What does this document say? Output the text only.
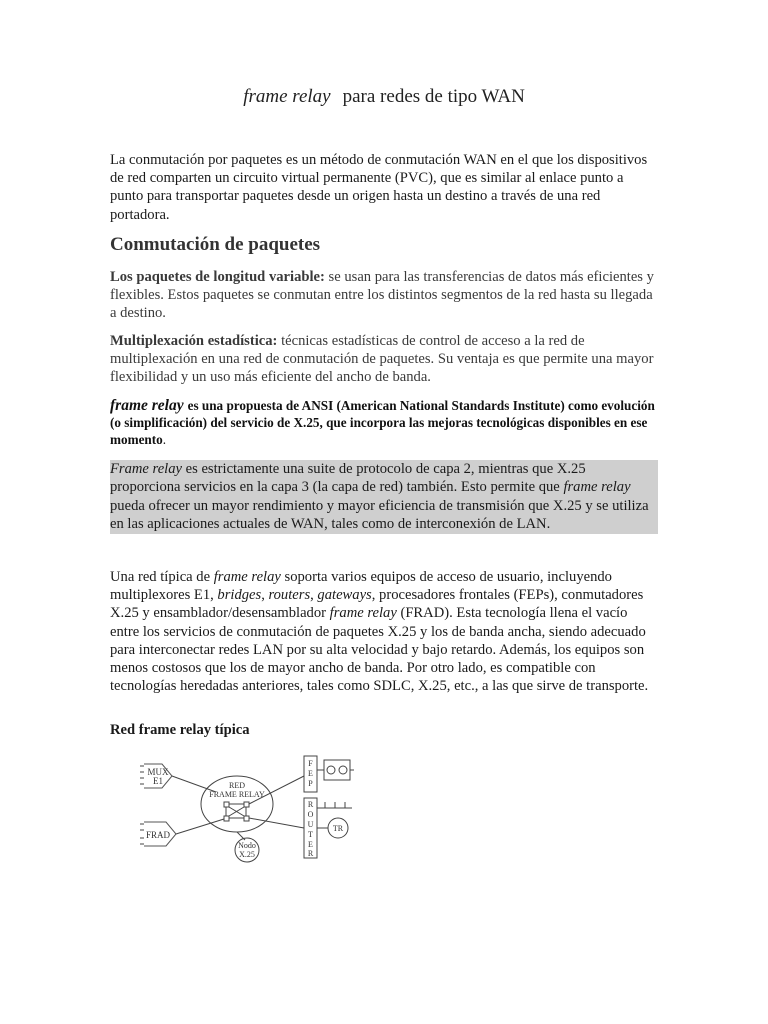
frame relay para redes de tipo WAN

La conmutación por paquetes es un método de conmutación WAN en el que los dispositivos de red comparten un circuito virtual permanente (PVC), que es similar al enlace punto a punto para transportar paquetes desde un origen hasta un destino a través de una red portadora.

Conmutación de paquetes

Los paquetes de longitud variable: se usan para las transferencias de datos más eficientes y flexibles. Estos paquetes se conmutan entre los distintos segmentos de la red hasta su llegada a destino.

Multiplexación estadística: técnicas estadísticas de control de acceso a la red de multiplexación en una red de conmutación de paquetes. Su ventaja es que permite una mayor flexibilidad y un uso más eficiente del ancho de banda.

frame relay es una propuesta de ANSI (American National Standards Institute) como evolución (o simplificación) del servicio de X.25, que incorpora las mejoras tecnológicas disponibles en ese momento.

Frame relay es estrictamente una suite de protocolo de capa 2, mientras que X.25 proporciona servicios en la capa 3 (la capa de red) también. Esto permite que frame relay pueda ofrecer un mayor rendimiento y mayor eficiencia de transmisión que X.25 y se utiliza en las aplicaciones actuales de WAN, tales como de interconexión de LAN.

Una red típica de frame relay soporta varios equipos de acceso de usuario, incluyendo multiplexores E1, bridges, routers, gateways, procesadores frontales (FEPs), conmutadores X.25 y ensamblador/desensamblador frame relay (FRAD). Esta tecnología llena el vacío entre los servicios de conmutación de paquetes X.25 y los de banda ancha, siendo adecuado para interconectar redes LAN por su alta velocidad y bajo retardo. Además, los equipos son menos costosos que los de mayor ancho de banda. Por otro lado, es compatible con tecnologías heredadas anteriores, tales como SDLC, X.25, etc., a las que sirve de transporte.

Red frame relay típica

MUX
E1
FRAD
RED
FRAME RELAY
Nodo
X.25
F
E
P
R
O
U
T
E
R
TR
